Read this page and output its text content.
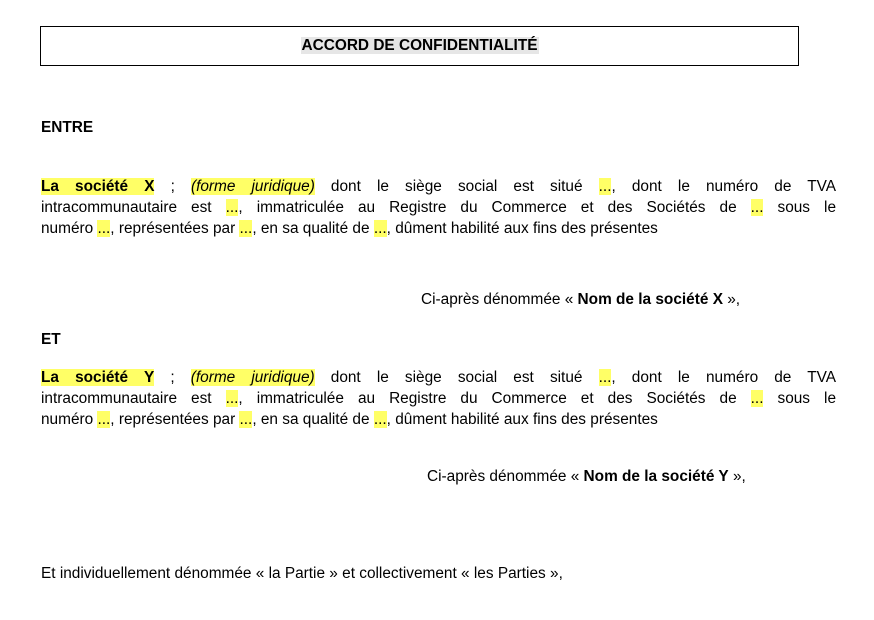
ACCORD DE CONFIDENTIALITÉ
ENTRE
La société X ; (forme juridique) dont le siège social est situé ..., dont le numéro de TVA
intracommunautaire est ..., immatriculée au Registre du Commerce et des Sociétés de ... sous le
numéro ..., représentées par ..., en sa qualité de ..., dûment habilité aux fins des présentes
Ci-après dénommée « Nom de la société X »,
ET
La société Y ; (forme juridique) dont le siège social est situé ..., dont le numéro de TVA
intracommunautaire est ..., immatriculée au Registre du Commerce et des Sociétés de ... sous le
numéro ..., représentées par ..., en sa qualité de ..., dûment habilité aux fins des présentes
Ci-après dénommée « Nom de la société Y »,
Et individuellement dénommée « la Partie » et collectivement « les Parties »,
